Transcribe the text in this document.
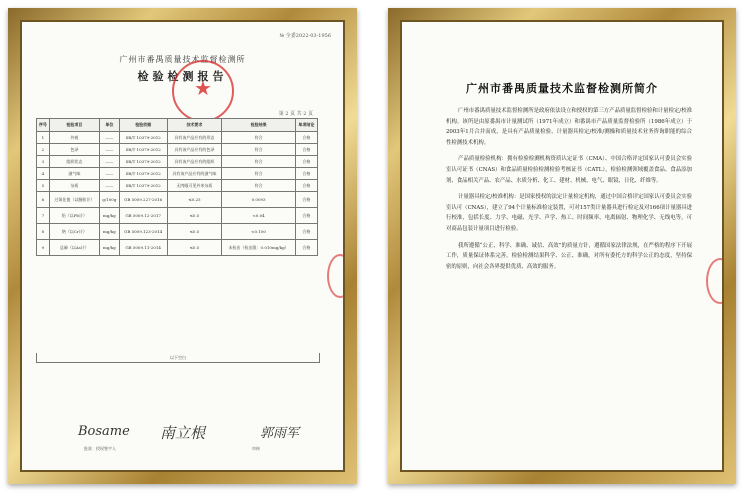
№ 全委2022-03-1956
广州市番禺质量技术监督检测所
检验检测报告
★
第 2 页 共 2 页
序号	检验项目	单位	检验依据	技术要求	检验结果	单项结论
1	外观	——	SB/T 10379-2012	具有该产品应有的形态	符合	合格
2	色泽	——	SB/T 10379-2012	具有该产品应有的色泽	符合	合格
3	组织状态	——	SB/T 10379-2012	具有该产品应有的组织	符合	合格
4	滋气味	——	SB/T 10379-2012	具有该产品应有的滋气味	符合	合格
5	杂质	——	SB/T 10379-2012	无肉眼可见外来杂质	符合	合格
6	过氧化值（以脂肪计）	g/100g	GB 5009.227-2016	≤0.25	0.0093	合格
7	铅（以Pb计）	mg/kg	GB 5009.12-2017	≤0.5	<0.04	合格
8	铬（以Cr计）	mg/kg	GB 5009.123-2014	≤0.5	<0.100	合格
9	总砷（以As计）	mg/kg	GB 5009.11-2014	≤0.5	未检出（检出限：0.010mg/kg）	合格
以下空白
Bosame 南立根	郭雨军
批准：授权签字人	审核
广州市番禺质量技术监督检测所简介

广州市番禺质量技术监督检测所是政府依法设立和授权的第三方产品质量监督检验和计量检定/校准机构。该所是由原番禺市计量测试所（1971年成立）和番禺市产品质量监督检验所（1986年成立）于2003年1月合并而成，是具有产品质量检验、计量器具检定/校准/测操和质量技术业务咨询职能的综合性检测技术机构。

产品质量检验机构：拥有检验检测机构资质认定证书（CMA）、中国合格评定国家认可委员会实验室认可证书（CNAS）和食品质量检验检测检验考核证书（CATL），检验检测领域覆盖食品、食品添加剂、食品相关产品、农产品、水质分析、化工、建材、机械、电气、眼镜、日化、纤维等。

计量器具检定/校准机构：是国家授权的法定计量检定机构，通过中国合格评定国家认可委员会实验室认可（CNAS），建立了94个计量标准检定装置，可对157类计量器具进行检定及对166项计量器具进行校准，包括长度、力学、电磁、光学、声学、热工、时间频率、电离辐射、物理化学、无线电等，可对商品包装计量项目进行检验。

我所遵循“公正、科学、准确、诚信、高效”的质量方针，遵循国家法律法规，在严格的程序下开展工作，质量保证体系完善，检验检测结果科学、公正、准确，对所有委托方的科学公正的态度，坚持保密的原则，向社会各界提供优质、高效的服务。
